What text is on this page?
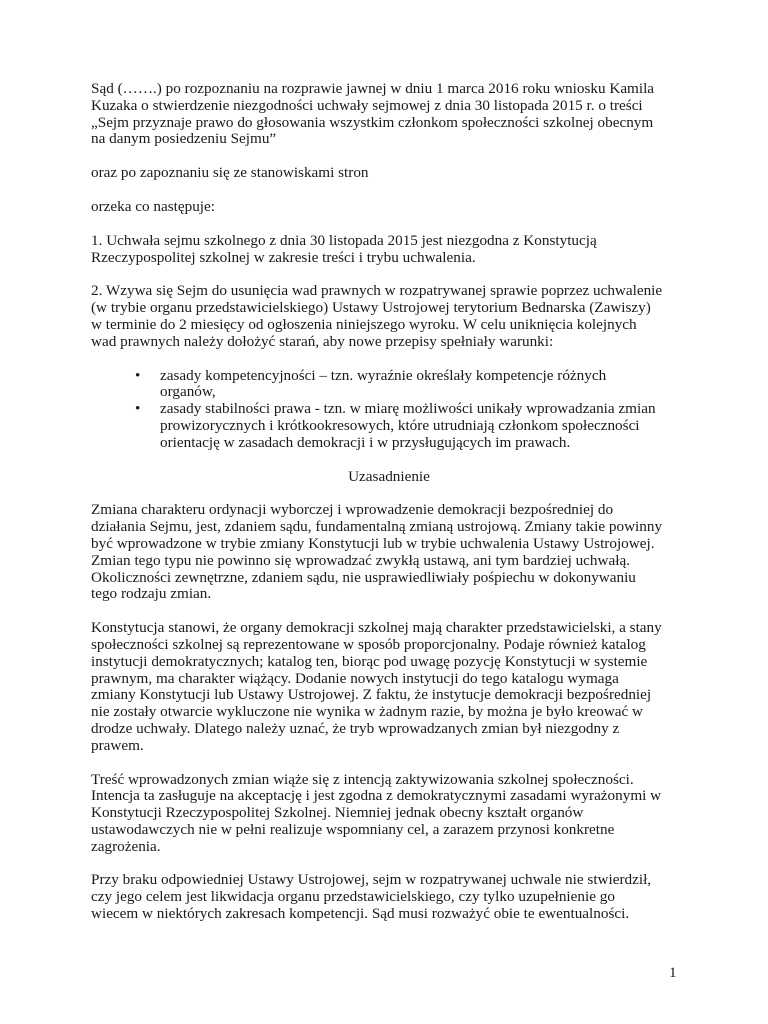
Sąd (…….) po rozpoznaniu na rozprawie jawnej w dniu 1 marca 2016 roku wniosku Kamila
Kuzaka o stwierdzenie niezgodności uchwały sejmowej z dnia 30 listopada 2015 r. o treści
„Sejm przyznaje prawo do głosowania wszystkim członkom społeczności szkolnej obecnym
na danym posiedzeniu Sejmu”

oraz po zapoznaniu się ze stanowiskami stron

orzeka co następuje:

1. Uchwała sejmu szkolnego z dnia 30 listopada 2015 jest niezgodna z Konstytucją
Rzeczypospolitej szkolnej w zakresie treści i trybu uchwalenia.

2. Wzywa się Sejm do usunięcia wad prawnych w rozpatrywanej sprawie poprzez uchwalenie
(w trybie organu przedstawicielskiego) Ustawy Ustrojowej terytorium Bednarska (Zawiszy)
w terminie do 2 miesięcy od ogłoszenia niniejszego wyroku. W celu uniknięcia kolejnych
wad prawnych należy dołożyć starań, aby nowe przepisy spełniały warunki:

• zasady kompetencyjności – tzn. wyraźnie określały kompetencje różnych
organów,
• zasady stabilności prawa - tzn. w miarę możliwości unikały wprowadzania zmian
prowizorycznych i krótkookresowych, które utrudniają członkom społeczności
orientację w zasadach demokracji i w przysługujących im prawach.

Uzasadnienie

Zmiana charakteru ordynacji wyborczej i wprowadzenie demokracji bezpośredniej do
działania Sejmu, jest, zdaniem sądu, fundamentalną zmianą ustrojową. Zmiany takie powinny
być wprowadzone w trybie zmiany Konstytucji lub w trybie uchwalenia Ustawy Ustrojowej.
Zmian tego typu nie powinno się wprowadzać zwykłą ustawą, ani tym bardziej uchwałą.
Okoliczności zewnętrzne, zdaniem sądu, nie usprawiedliwiały pośpiechu w dokonywaniu
tego rodzaju zmian.

Konstytucja stanowi, że organy demokracji szkolnej mają charakter przedstawicielski, a stany
społeczności szkolnej są reprezentowane w sposób proporcjonalny. Podaje również katalog
instytucji demokratycznych; katalog ten, biorąc pod uwagę pozycję Konstytucji w systemie
prawnym, ma charakter wiążący. Dodanie nowych instytucji do tego katalogu wymaga
zmiany Konstytucji lub Ustawy Ustrojowej. Z faktu, że instytucje demokracji bezpośredniej
nie zostały otwarcie wykluczone nie wynika w żadnym razie, by można je było kreować w
drodze uchwały. Dlatego należy uznać, że tryb wprowadzanych zmian był niezgodny z
prawem.

Treść wprowadzonych zmian wiąże się z intencją zaktywizowania szkolnej społeczności.
Intencja ta zasługuje na akceptację i jest zgodna z demokratycznymi zasadami wyrażonymi w
Konstytucji Rzeczypospolitej Szkolnej. Niemniej jednak obecny kształt organów
ustawodawczych nie w pełni realizuje wspomniany cel, a zarazem przynosi konkretne
zagrożenia.

Przy braku odpowiedniej Ustawy Ustrojowej, sejm w rozpatrywanej uchwale nie stwierdził,
czy jego celem jest likwidacja organu przedstawicielskiego, czy tylko uzupełnienie go
wiecem w niektórych zakresach kompetencji. Sąd musi rozważyć obie te ewentualności.

1
